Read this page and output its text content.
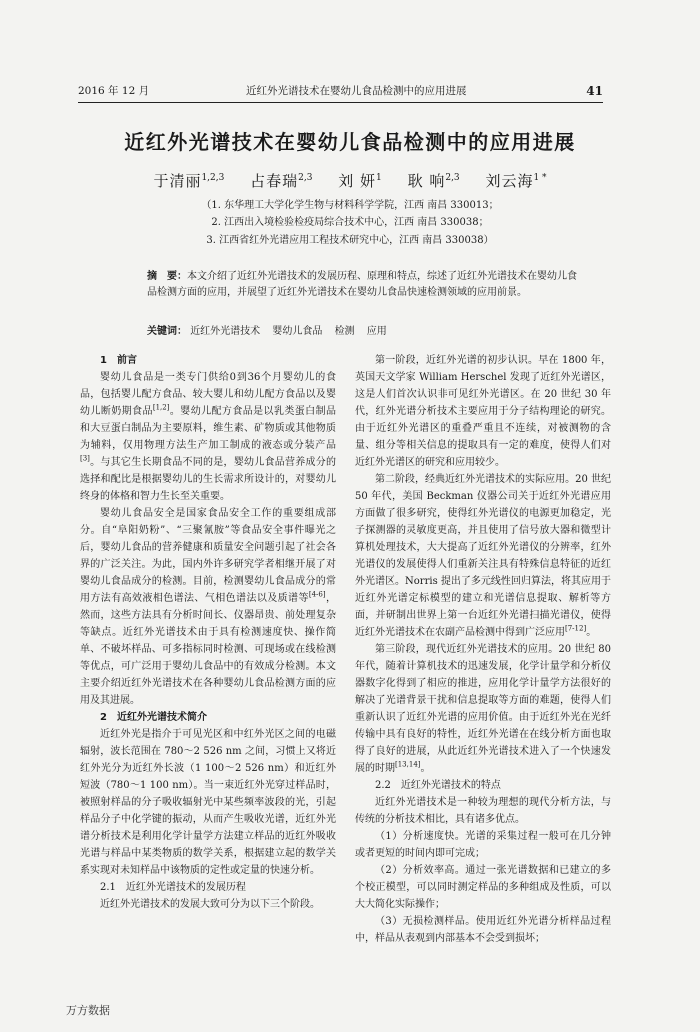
2016 年 12 月	近红外光谱技术在婴幼儿食品检测中的应用进展	41
近红外光谱技术在婴幼儿食品检测中的应用进展
于清丽$^{1,2,3}$ 占春瑞$^{2,3}$ 刘 妍$^1$ 耿 响$^{2,3}$ 刘云海$^{1 *}$
（1. 东华理工大学化学生物与材料科学学院，江西 南昌 330013；
2. 江西出入境检验检疫局综合技术中心，江西 南昌 330038；
3. 江西省红外光谱应用工程技术研究中心，江西 南昌 330038）
摘　要：本文介绍了近红外光谱技术的发展历程、原理和特点，综述了近红外光谱技术在婴幼儿食品检测方面的应用，并展望了近红外光谱技术在婴幼儿食品快速检测领域的应用前景。
关键词： 近红外光谱技术 婴幼儿食品 检测 应用
1　前言

婴幼儿食品是一类专门供给0到36个月婴幼儿的食品，包括婴儿配方食品、较大婴儿和幼儿配方食品以及婴幼儿断奶期食品[1,2]。婴幼儿配方食品是以乳类蛋白制品和大豆蛋白制品为主要原料，维生素、矿物质或其他物质为辅料，仅用物理方法生产加工制成的液态或分装产品[3]。与其它生长期食品不同的是，婴幼儿食品营养成分的选择和配比是根据婴幼儿的生长需求所设计的，对婴幼儿终身的体格和智力生长至关重要。

婴幼儿食品安全是国家食品安全工作的重要组成部分。自“阜阳奶粉”、“三聚氰胺”等食品安全事件曝光之后，婴幼儿食品的营养健康和质量安全问题引起了社会各界的广泛关注。为此，国内外许多研究学者相继开展了对婴幼儿食品成分的检测。目前，检测婴幼儿食品成分的常用方法有高效液相色谱法、气相色谱法以及质谱等[4-6]，然而，这些方法具有分析时间长、仪器昂贵、前处理复杂等缺点。近红外光谱技术由于具有检测速度快、操作简单、不破坏样品、可多指标同时检测、可现场或在线检测等优点，可广泛用于婴幼儿食品中的有效成分检测。本文主要介绍近红外光谱技术在各种婴幼儿食品检测方面的应用及其进展。

2　近红外光谱技术简介

近红外光是指介于可见光区和中红外光区之间的电磁辐射，波长范围在 780～2 526 nm 之间，习惯上又将近红外光分为近红外长波（1 100～2 526 nm）和近红外短波（780～1 100 nm）。当一束近红外光穿过样品时，被照射样品的分子吸收辐射光中某些频率波段的光，引起样品分子中化学键的振动，从而产生吸收光谱，近红外光谱分析技术是利用化学计量学方法建立样品的近红外吸收光谱与样品中某类物质的数学关系，根据建立起的数学关系实现对未知样品中该物质的定性或定量的快速分析。

2.1　近红外光谱技术的发展历程

近红外光谱技术的发展大致可分为以下三个阶段。

第一阶段，近红外光谱的初步认识。早在 1800 年，英国天文学家 William Herschel 发现了近红外光谱区，这是人们首次认识非可见红外光谱区。在 20 世纪 30 年代，红外光谱分析技术主要应用于分子结构理论的研究。由于近红外光谱区的重叠严重且不连续，对被测物的含量、组分等相关信息的提取具有一定的难度，使得人们对近红外光谱区的研究和应用较少。

第二阶段，经典近红外光谱技术的实际应用。20 世纪 50 年代，美国 Beckman 仪器公司关于近红外光谱应用方面做了很多研究，使得红外光谱仪的电源更加稳定，光子探测器的灵敏度更高，并且使用了信号放大器和微型计算机处理技术，大大提高了近红外光谱仪的分辨率，红外光谱仪的发展使得人们重新关注具有特殊信息特征的近红外光谱区。Norris 提出了多元线性回归算法，将其应用于近红外光谱定标模型的建立和光谱信息提取、解析等方面，并研制出世界上第一台近红外光谱扫描光谱仪，使得近红外光谱技术在农副产品检测中得到广泛应用[7-12]。

第三阶段，现代近红外光谱技术的应用。20 世纪 80 年代，随着计算机技术的迅速发展，化学计量学和分析仪器数字化得到了相应的推进，应用化学计量学方法很好的解决了光谱背景干扰和信息提取等方面的难题，使得人们重新认识了近红外光谱的应用价值。由于近红外光在光纤传输中具有良好的特性，近红外光谱在在线分析方面也取得了良好的进展，从此近红外光谱技术进入了一个快速发展的时期[13,14]。

2.2　近红外光谱技术的特点

近红外光谱技术是一种较为理想的现代分析方法，与传统的分析技术相比，具有诸多优点。

（1）分析速度快。光谱的采集过程一般可在几分钟或者更短的时间内即可完成；

（2）分析效率高。通过一张光谱数据和已建立的多个校正模型，可以同时测定样品的多种组成及性质，可以大大简化实际操作；

（3）无损检测样品。使用近红外光谱分析样品过程中，样品从表观到内部基本不会受到损坏；

万方数据
